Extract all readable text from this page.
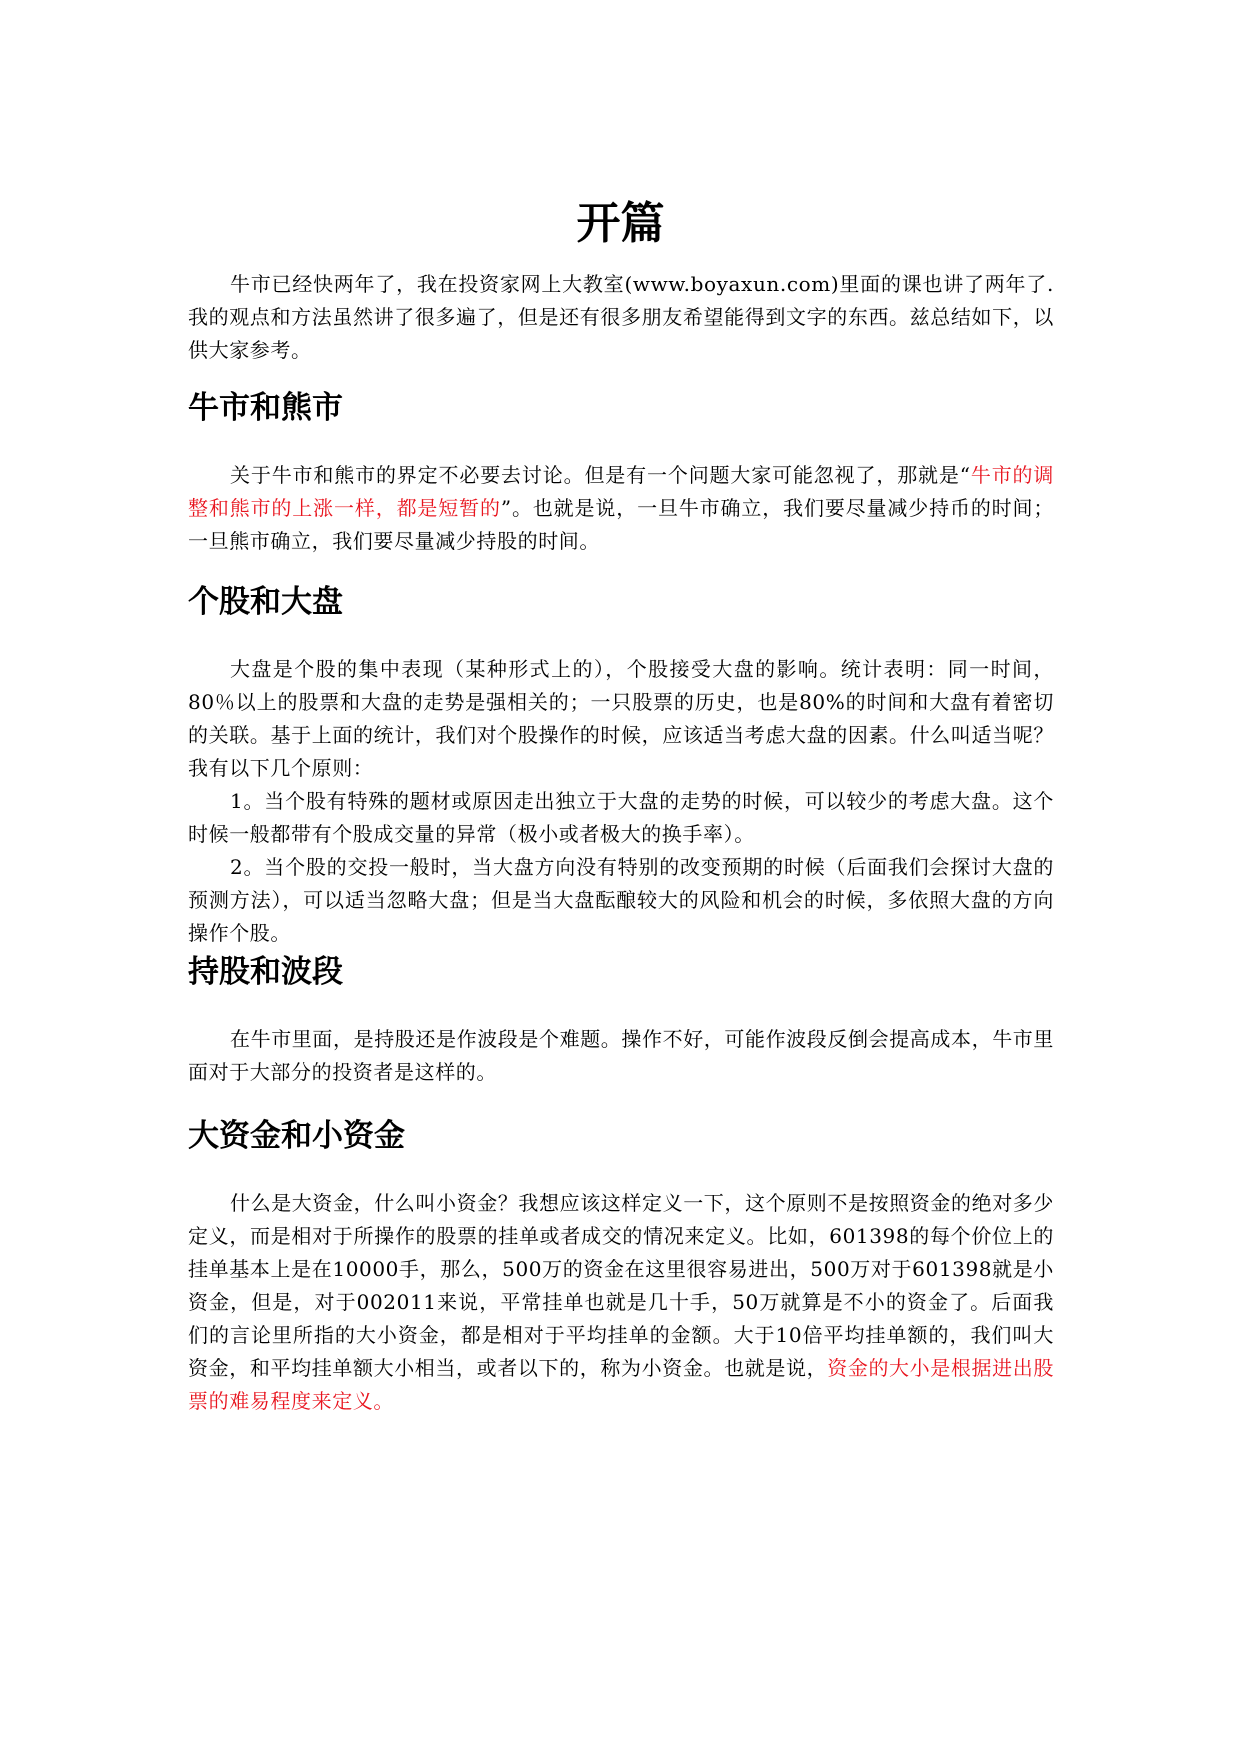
开篇

牛市已经快两年了，我在投资家网上大教室(www.boyaxun.com)里面的课也讲了两年了.我的观点和方法虽然讲了很多遍了，但是还有很多朋友希望能得到文字的东西。兹总结如下，以供大家参考。

牛市和熊市

关于牛市和熊市的界定不必要去讨论。但是有一个问题大家可能忽视了，那就是“牛市的调整和熊市的上涨一样，都是短暂的”。也就是说，一旦牛市确立，我们要尽量减少持币的时间；一旦熊市确立，我们要尽量减少持股的时间。

个股和大盘

大盘是个股的集中表现（某种形式上的），个股接受大盘的影响。统计表明：同一时间，80％以上的股票和大盘的走势是强相关的；一只股票的历史，也是80%的时间和大盘有着密切的关联。基于上面的统计，我们对个股操作的时候，应该适当考虑大盘的因素。什么叫适当呢？我有以下几个原则：

1。当个股有特殊的题材或原因走出独立于大盘的走势的时候，可以较少的考虑大盘。这个时候一般都带有个股成交量的异常（极小或者极大的换手率）。

2。当个股的交投一般时，当大盘方向没有特别的改变预期的时候（后面我们会探讨大盘的预测方法），可以适当忽略大盘；但是当大盘酝酿较大的风险和机会的时候，多依照大盘的方向操作个股。

持股和波段

在牛市里面，是持股还是作波段是个难题。操作不好，可能作波段反倒会提高成本，牛市里面对于大部分的投资者是这样的。

大资金和小资金

什么是大资金，什么叫小资金？我想应该这样定义一下，这个原则不是按照资金的绝对多少定义，而是相对于所操作的股票的挂单或者成交的情况来定义。比如，601398的每个价位上的挂单基本上是在10000手，那么，500万的资金在这里很容易进出，500万对于601398就是小资金，但是，对于002011来说，平常挂单也就是几十手，50万就算是不小的资金了。后面我们的言论里所指的大小资金，都是相对于平均挂单的金额。大于10倍平均挂单额的，我们叫大资金，和平均挂单额大小相当，或者以下的，称为小资金。也就是说，资金的大小是根据进出股票的难易程度来定义。
